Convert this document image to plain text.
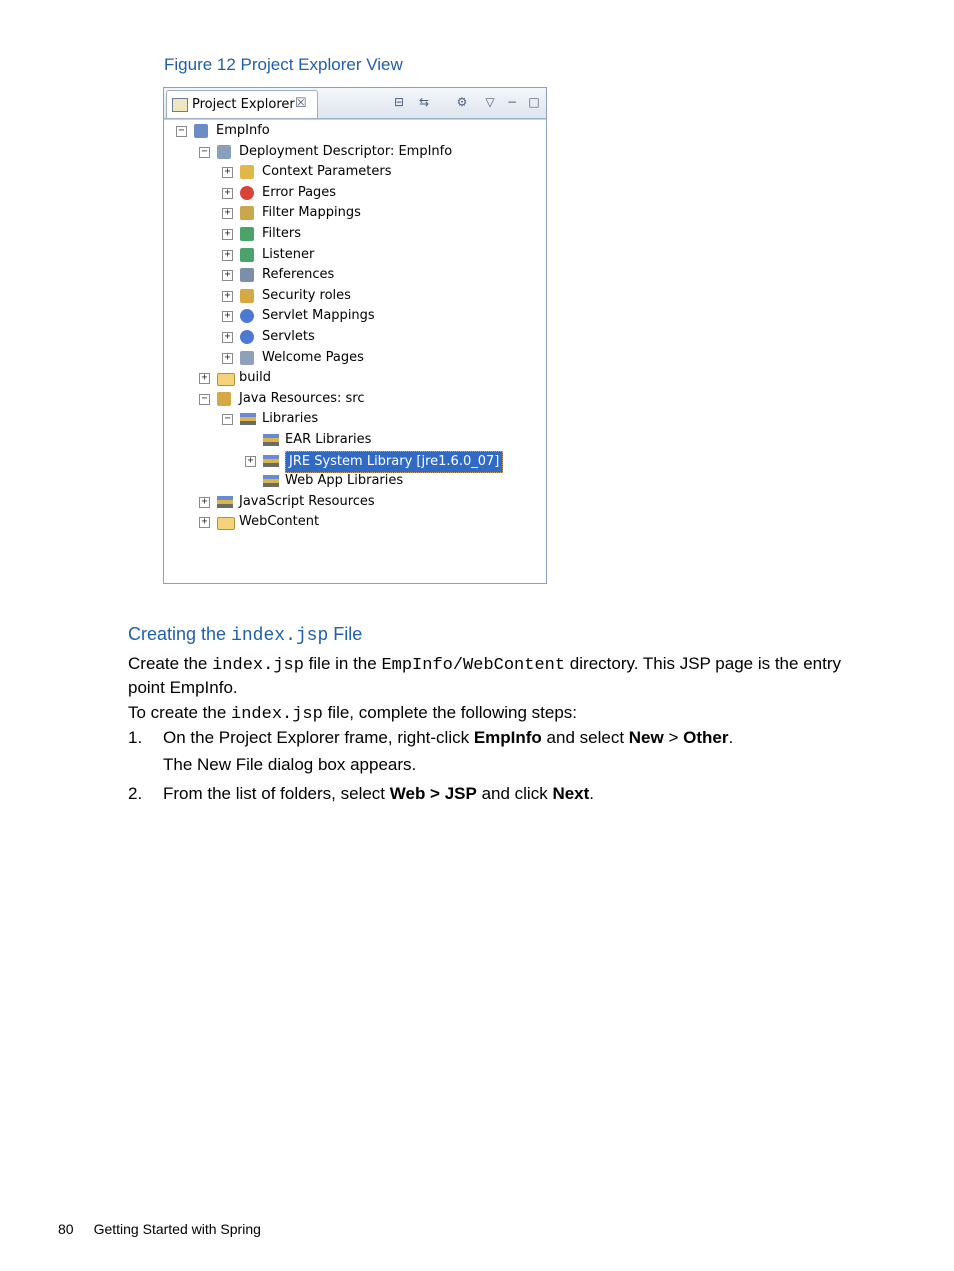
Figure 12 Project Explorer View
Project Explorer ☒	⊟ ⇆ ⚙ ▽ − □
− EmpInfo
− Deployment Descriptor: EmpInfo
+ Context Parameters
+ Error Pages
+ Filter Mappings
+ Filters
+ Listener
+ References
+ Security roles
+ Servlet Mappings
+ Servlets
+ Welcome Pages
+ build
− Java Resources: src
− Libraries
EAR Libraries
+	JRE System Library [jre1.6.0_07]
Web App Libraries
+ JavaScript Resources
+ WebContent
Creating the index.jsp File
Create the index.jsp file in the EmpInfo/WebContent directory. This JSP page is the entry
point EmpInfo.
To create the index.jsp file, complete the following steps:
1. On the Project Explorer frame, right-click EmpInfo and select New > Other.
The New File dialog box appears.
2. From the list of folders, select Web > JSP and click Next.
80 Getting Started with Spring
